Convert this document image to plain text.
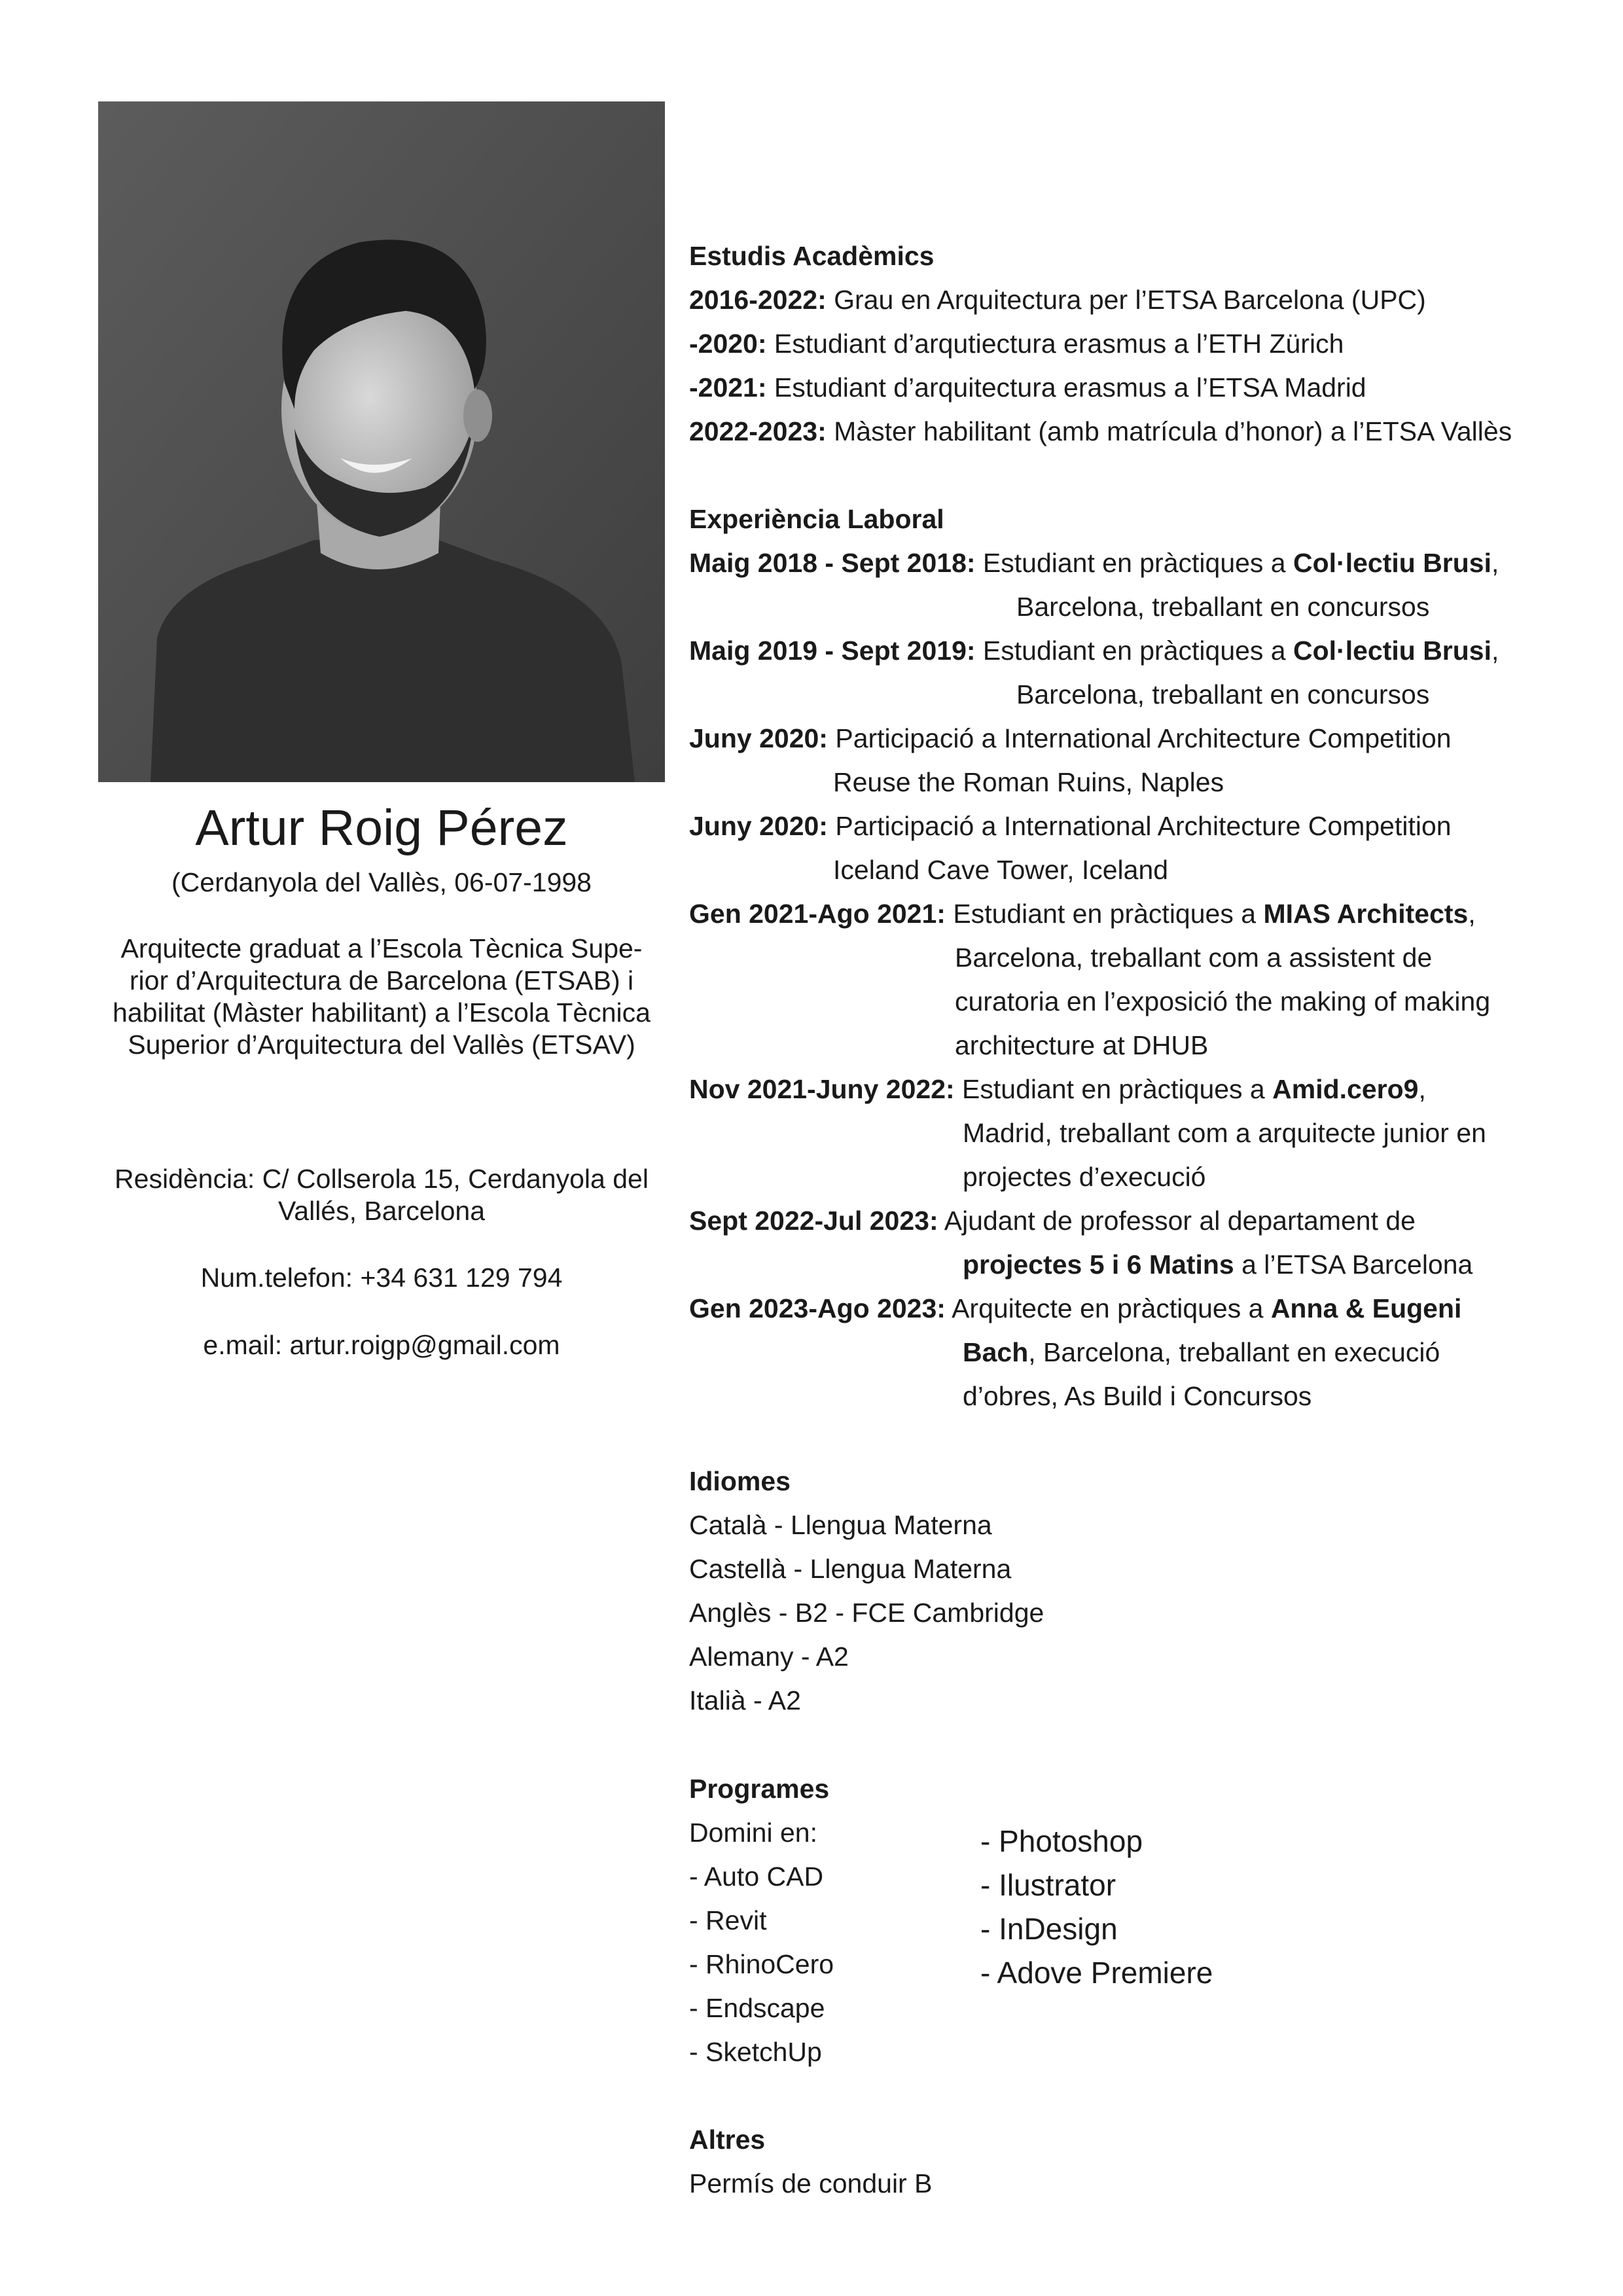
Artur Roig Pérez
(Cerdanyola del Vallès, 06-07-1998
Arquitecte graduat a l’Escola Tècnica Supe-
rior d’Arquitectura de Barcelona (ETSAB) i
habilitat (Màster habilitant) a l’Escola Tècnica
Superior d’Arquitectura del Vallès (ETSAV)
Residència: C/ Collserola 15, Cerdanyola del
Vallés, Barcelona
Num.telefon: +34 631 129 794
e.mail: artur.roigp@gmail.com
Estudis Acadèmics
2016-2022: Grau en Arquitectura per l’ETSA Barcelona (UPC)
-2020: Estudiant d’arqutiectura erasmus a l’ETH Zürich
-2021: Estudiant d’arquitectura erasmus a l’ETSA Madrid
2022-2023: Màster habilitant (amb matrícula d’honor) a l’ETSA Vallès
Experiència Laboral
Maig 2018 - Sept 2018: Estudiant en pràctiques a Col·lectiu Brusi,
Barcelona, treballant en concursos
Maig 2019 - Sept 2019: Estudiant en pràctiques a Col·lectiu Brusi,
Barcelona, treballant en concursos
Juny 2020: Participació a International Architecture Competition
Reuse the Roman Ruins, Naples
Juny 2020: Participació a International Architecture Competition
Iceland Cave Tower, Iceland
Gen 2021-Ago 2021: Estudiant en pràctiques a MIAS Architects,
Barcelona, treballant com a assistent de
curatoria en l’exposició the making of making
architecture at DHUB
Nov 2021-Juny 2022: Estudiant en pràctiques a Amid.cero9,
Madrid, treballant com a arquitecte junior en
projectes d’execució
Sept 2022-Jul 2023: Ajudant de professor al departament de
projectes 5 i 6 Matins a l’ETSA Barcelona
Gen 2023-Ago 2023: Arquitecte en pràctiques a Anna & Eugeni
Bach, Barcelona, treballant en execució
d’obres, As Build i Concursos
Idiomes
Català - Llengua Materna
Castellà - Llengua Materna
Anglès - B2 - FCE Cambridge
Alemany - A2
Italià - A2
Programes
Domini en:
- Auto CAD
- Revit
- RhinoCero
- Endscape
- SketchUp
- Photoshop
- Ilustrator
- InDesign
- Adove Premiere
Altres
Permís de conduir B
